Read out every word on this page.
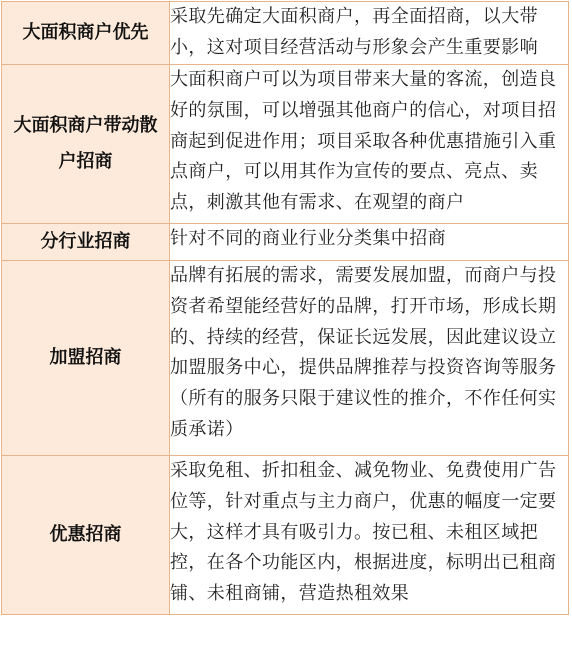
大面积商户优先	采取先确定大面积商户，再全面招商，以大带小，这对项目经营活动与形象会产生重要影响

大面积商户带动散户招商	大面积商户可以为项目带来大量的客流，创造良好的氛围，可以增强其他商户的信心，对项目招商起到促进作用；项目采取各种优惠措施引入重点商户，可以用其作为宣传的要点、亮点、卖点，刺激其他有需求、在观望的商户

分行业招商	针对不同的商业行业分类集中招商

加盟招商	品牌有拓展的需求，需要发展加盟，而商户与投资者希望能经营好的品牌，打开市场，形成长期的、持续的经营，保证长远发展，因此建议设立加盟服务中心，提供品牌推荐与投资咨询等服务（所有的服务只限于建议性的推介，不作任何实质承诺）

优惠招商	采取免租、折扣租金、减免物业、免费使用广告位等，针对重点与主力商户，优惠的幅度一定要大，这样才具有吸引力。按已租、未租区域把控，在各个功能区内，根据进度，标明出已租商铺、未租商铺，营造热租效果
